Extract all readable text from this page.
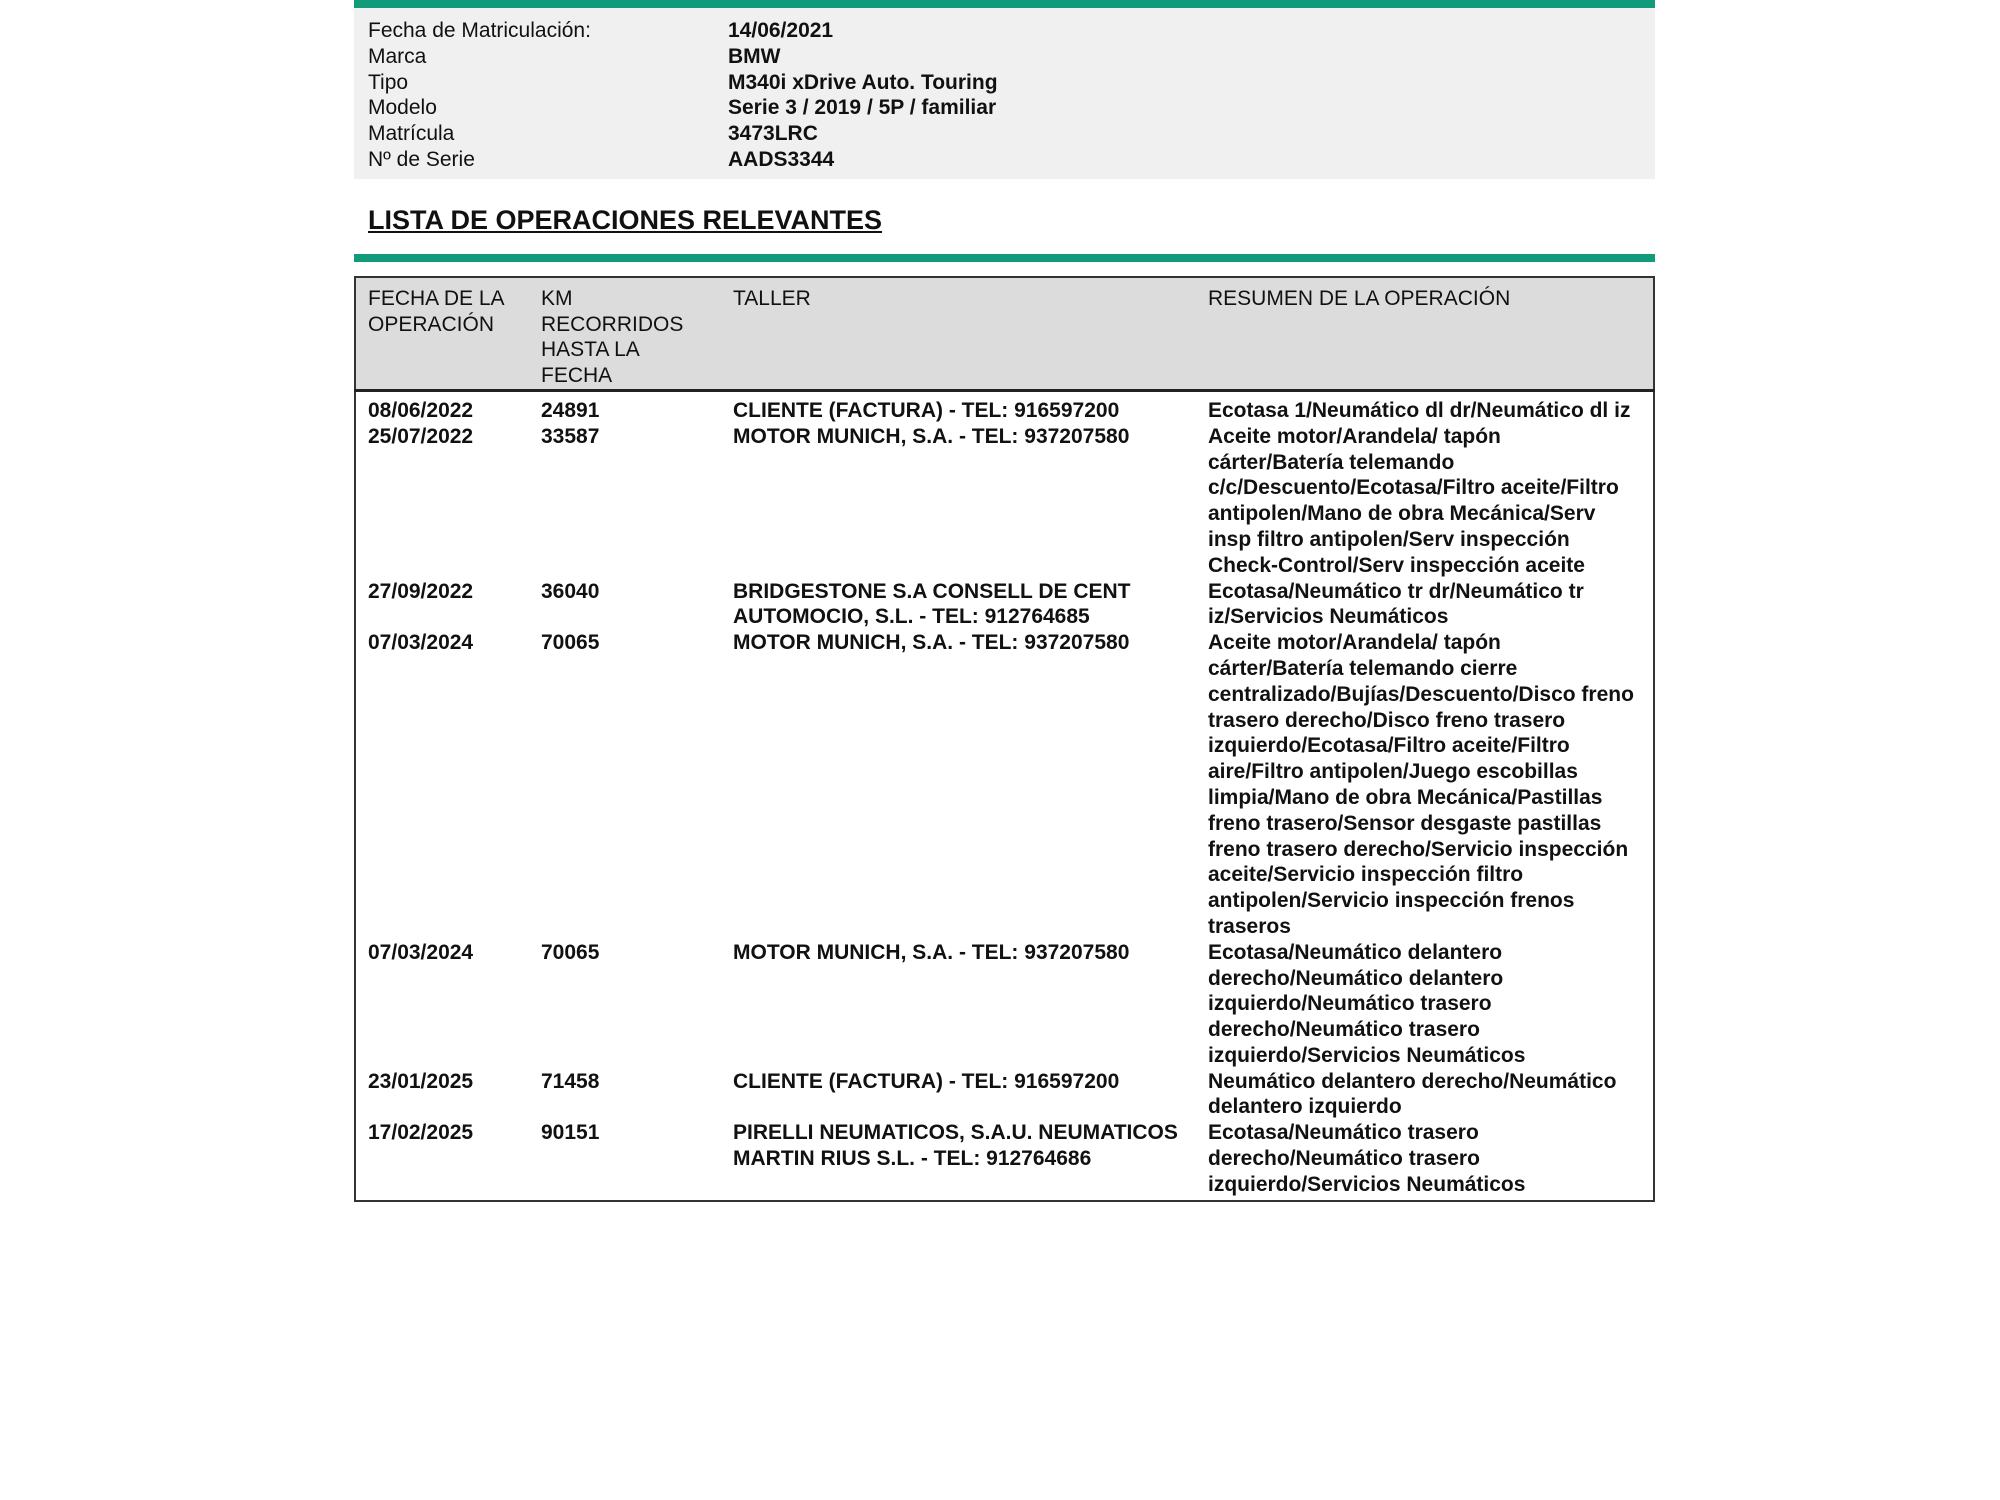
Fecha de Matriculación:	14/06/2021
Marca	BMW
Tipo	M340i xDrive Auto. Touring
Modelo	Serie 3 / 2019 / 5P / familiar
Matrícula	3473LRC
Nº de Serie	AADS3344
LISTA DE OPERACIONES RELEVANTES
FECHA DE LA OPERACIÓN	KM RECORRIDOS HASTA LA FECHA	TALLER	RESUMEN DE LA OPERACIÓN
08/06/2022	24891	CLIENTE (FACTURA) - TEL: 916597200	Ecotasa 1/Neumático dl dr/Neumático dl iz
25/07/2022	33587	MOTOR MUNICH, S.A. - TEL: 937207580	Aceite motor/Arandela/ tapón cárter/Batería telemando c/c/Descuento/Ecotasa/Filtro aceite/Filtro antipolen/Mano de obra Mecánica/Serv insp filtro antipolen/Serv inspección Check-Control/Serv inspección aceite
27/09/2022	36040	BRIDGESTONE S.A CONSELL DE CENT AUTOMOCIO, S.L. - TEL: 912764685	Ecotasa/Neumático tr dr/Neumático tr iz/Servicios Neumáticos
07/03/2024	70065	MOTOR MUNICH, S.A. - TEL: 937207580	Aceite motor/Arandela/ tapón cárter/Batería telemando cierre centralizado/Bujías/Descuento/Disco freno trasero derecho/Disco freno trasero izquierdo/Ecotasa/Filtro aceite/Filtro aire/Filtro antipolen/Juego escobillas limpia/Mano de obra Mecánica/Pastillas freno trasero/Sensor desgaste pastillas freno trasero derecho/Servicio inspección aceite/Servicio inspección filtro antipolen/Servicio inspección frenos traseros
07/03/2024	70065	MOTOR MUNICH, S.A. - TEL: 937207580	Ecotasa/Neumático delantero derecho/Neumático delantero izquierdo/Neumático trasero derecho/Neumático trasero izquierdo/Servicios Neumáticos
23/01/2025	71458	CLIENTE (FACTURA) - TEL: 916597200	Neumático delantero derecho/Neumático delantero izquierdo
17/02/2025	90151	PIRELLI NEUMATICOS, S.A.U. NEUMATICOS MARTIN RIUS S.L. - TEL: 912764686	Ecotasa/Neumático trasero derecho/Neumático trasero izquierdo/Servicios Neumáticos
